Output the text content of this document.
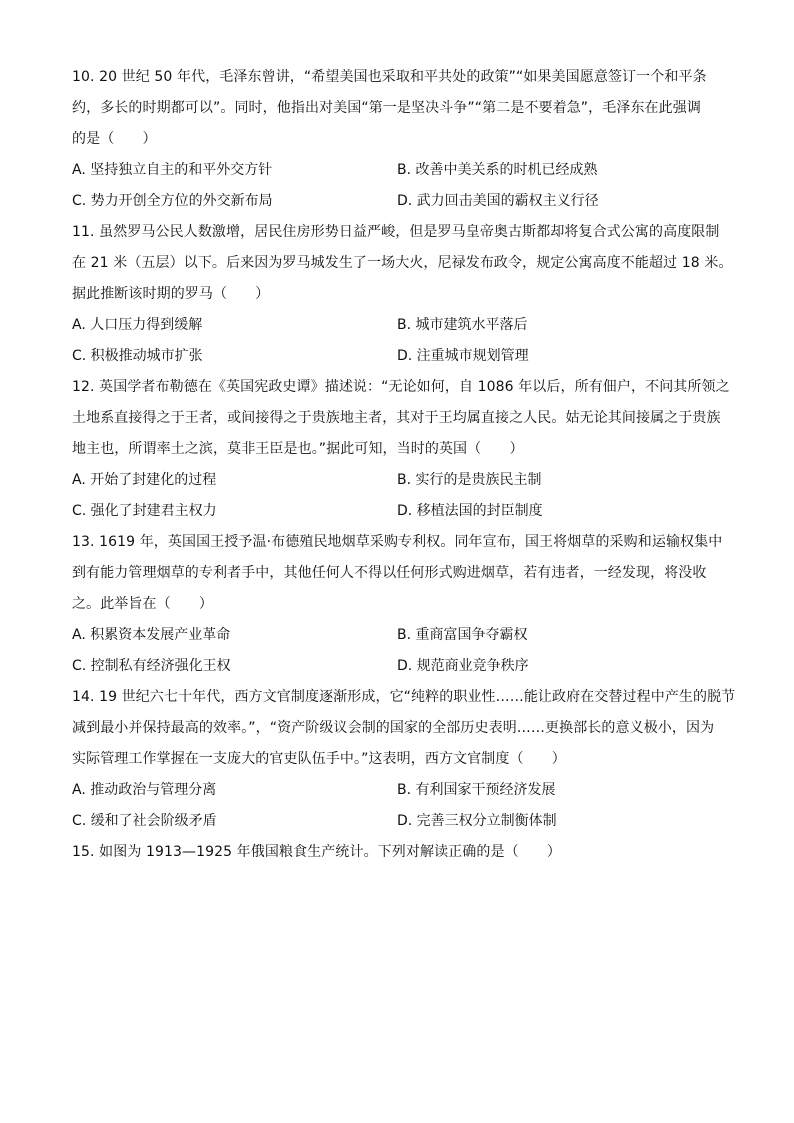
10. 20 世纪 50 年代，毛泽东曾讲，“希望美国也采取和平共处的政策”“如果美国愿意签订一个和平条
约，多长的时期都可以”。同时，他指出对美国“第一是坚决斗争”“第二是不要着急”，毛泽东在此强调
的是（　　）
A. 坚持独立自主的和平外交方针	B. 改善中美关系的时机已经成熟
C. 势力开创全方位的外交新布局	D. 武力回击美国的霸权主义行径
11. 虽然罗马公民人数激增，居民住房形势日益严峻，但是罗马皇帝奥古斯都却将复合式公寓的高度限制
在 21 米（五层）以下。后来因为罗马城发生了一场大火，尼禄发布政令，规定公寓高度不能超过 18 米。
据此推断该时期的罗马（　　）
A. 人口压力得到缓解	B. 城市建筑水平落后
C. 积极推动城市扩张	D. 注重城市规划管理
12. 英国学者布勒德在《英国宪政史谭》描述说：“无论如何，自 1086 年以后，所有佃户，不问其所领之
土地系直接得之于王者，或间接得之于贵族地主者，其对于王均属直接之人民。姑无论其间接属之于贵族
地主也，所谓率土之滨，莫非王臣是也。”据此可知，当时的英国（　　）
A. 开始了封建化的过程	B. 实行的是贵族民主制
C. 强化了封建君主权力	D. 移植法国的封臣制度
13. 1619 年，英国国王授予温·布德殖民地烟草采购专利权。同年宣布，国王将烟草的采购和运输权集中
到有能力管理烟草的专利者手中，其他任何人不得以任何形式购进烟草，若有违者，一经发现，将没收
之。此举旨在（　　）
A. 积累资本发展产业革命	B. 重商富国争夺霸权
C. 控制私有经济强化王权	D. 规范商业竞争秩序
14. 19 世纪六七十年代，西方文官制度逐渐形成，它“纯粹的职业性……能让政府在交替过程中产生的脱节
减到最小并保持最高的效率。”，“资产阶级议会制的国家的全部历史表明……更换部长的意义极小，因为
实际管理工作掌握在一支庞大的官吏队伍手中。”这表明，西方文官制度（　　）
A. 推动政治与管理分离	B. 有利国家干预经济发展
C. 缓和了社会阶级矛盾	D. 完善三权分立制衡体制
15. 如图为 1913—1925 年俄国粮食生产统计。下列对解读正确的是（　　）
